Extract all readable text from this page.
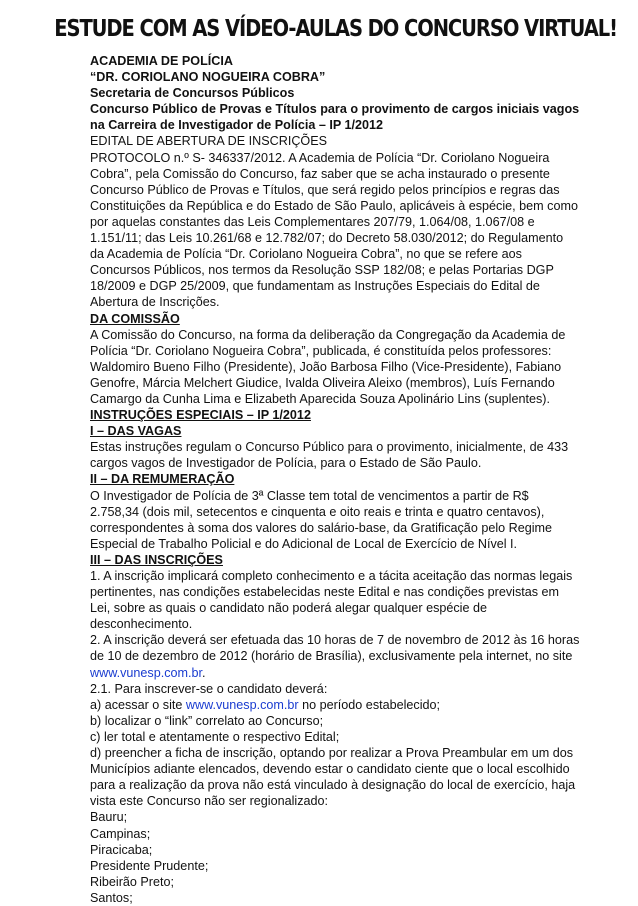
ESTUDE COM AS VÍDEO-AULAS DO CONCURSO VIRTUAL!
ACADEMIA DE POLÍCIA
“DR. CORIOLANO NOGUEIRA COBRA”
Secretaria de Concursos Públicos
Concurso Público de Provas e Títulos para o provimento de cargos iniciais vagos na Carreira de Investigador de Polícia – IP 1/2012
EDITAL DE ABERTURA DE INSCRIÇÕES
PROTOCOLO n.º S- 346337/2012. A Academia de Polícia “Dr. Coriolano Nogueira Cobra”, pela Comissão do Concurso, faz saber que se acha instaurado o presente Concurso Público de Provas e Títulos, que será regido pelos princípios e regras das Constituições da República e do Estado de São Paulo, aplicáveis à espécie, bem como por aquelas constantes das Leis Complementares 207/79, 1.064/08, 1.067/08 e 1.151/11; das Leis 10.261/68 e 12.782/07; do Decreto 58.030/2012; do Regulamento da Academia de Polícia “Dr. Coriolano Nogueira Cobra”, no que se refere aos Concursos Públicos, nos termos da Resolução SSP 182/08; e pelas Portarias DGP 18/2009 e DGP 25/2009, que fundamentam as Instruções Especiais do Edital de Abertura de Inscrições.
DA COMISSÃO
A Comissão do Concurso, na forma da deliberação da Congregação da Academia de Polícia “Dr. Coriolano Nogueira Cobra”, publicada, é constituída pelos professores: Waldomiro Bueno Filho (Presidente), João Barbosa Filho (Vice-Presidente), Fabiano Genofre, Márcia Melchert Giudice, Ivalda Oliveira Aleixo (membros), Luís Fernando Camargo da Cunha Lima e Elizabeth Aparecida Souza Apolinário Lins (suplentes).
INSTRUÇÕES ESPECIAIS – IP 1/2012
I – DAS VAGAS
Estas instruções regulam o Concurso Público para o provimento, inicialmente, de 433 cargos vagos de Investigador de Polícia, para o Estado de São Paulo.
II – DA REMUMERAÇÃO
O Investigador de Polícia de 3ª Classe tem total de vencimentos a partir de R$ 2.758,34 (dois mil, setecentos e cinquenta e oito reais e trinta e quatro centavos), correspondentes à soma dos valores do salário-base, da Gratificação pelo Regime Especial de Trabalho Policial e do Adicional de Local de Exercício de Nível I.
III – DAS INSCRIÇÕES
1. A inscrição implicará completo conhecimento e a tácita aceitação das normas legais pertinentes, nas condições estabelecidas neste Edital e nas condições previstas em Lei, sobre as quais o candidato não poderá alegar qualquer espécie de desconhecimento.
2. A inscrição deverá ser efetuada das 10 horas de 7 de novembro de 2012 às 16 horas de 10 de dezembro de 2012 (horário de Brasília), exclusivamente pela internet, no site www.vunesp.com.br.
2.1. Para inscrever-se o candidato deverá:
a) acessar o site www.vunesp.com.br no período estabelecido;
b) localizar o “link” correlato ao Concurso;
c) ler total e atentamente o respectivo Edital;
d) preencher a ficha de inscrição, optando por realizar a Prova Preambular em um dos Municípios adiante elencados, devendo estar o candidato ciente que o local escolhido para a realização da prova não está vinculado à designação do local de exercício, haja vista este Concurso não ser regionalizado:
Bauru;
Campinas;
Piracicaba;
Presidente Prudente;
Ribeirão Preto;
Santos;
